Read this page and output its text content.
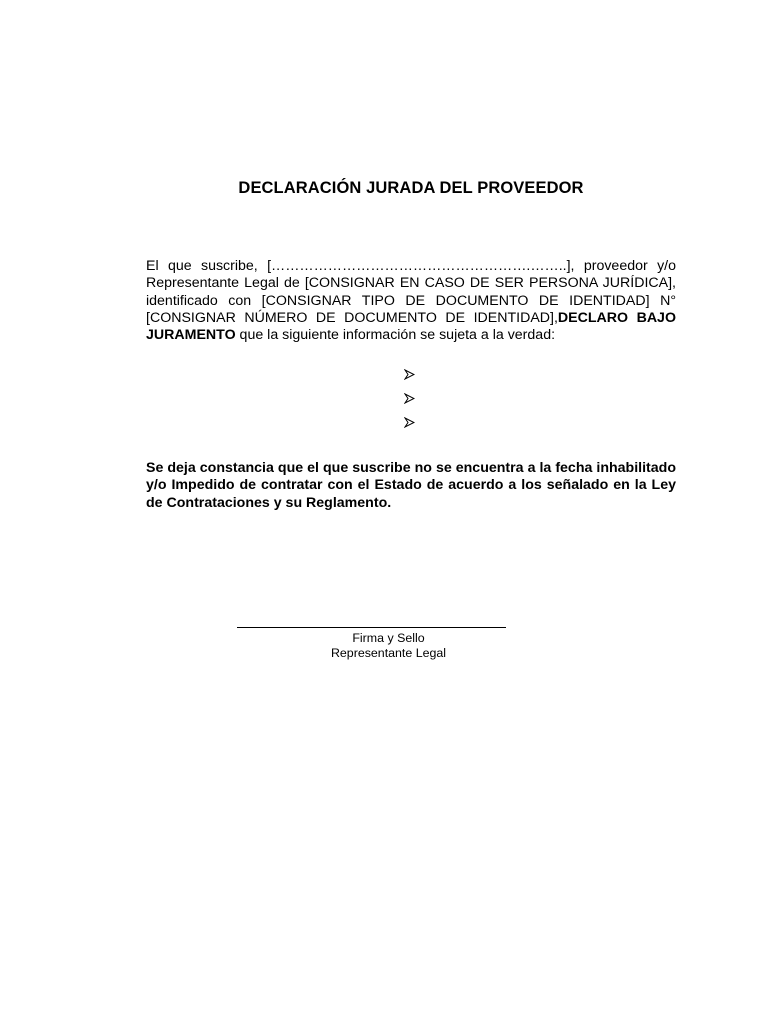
DECLARACIÓN JURADA DEL PROVEEDOR
El que suscribe, [……………………………………………….……..], proveedor y/o Representante Legal de [CONSIGNAR EN CASO DE SER PERSONA JURÍDICA], identificado con [CONSIGNAR TIPO DE DOCUMENTO DE IDENTIDAD] N° [CONSIGNAR NÚMERO DE DOCUMENTO DE IDENTIDAD],DECLARO BAJO JURAMENTO que la siguiente información se sujeta a la verdad:
Se deja constancia que el que suscribe no se encuentra a la fecha inhabilitado y/o Impedido de contratar con el Estado de acuerdo a los señalado en la Ley de Contrataciones y su Reglamento.
Firma y Sello
Representante Legal
